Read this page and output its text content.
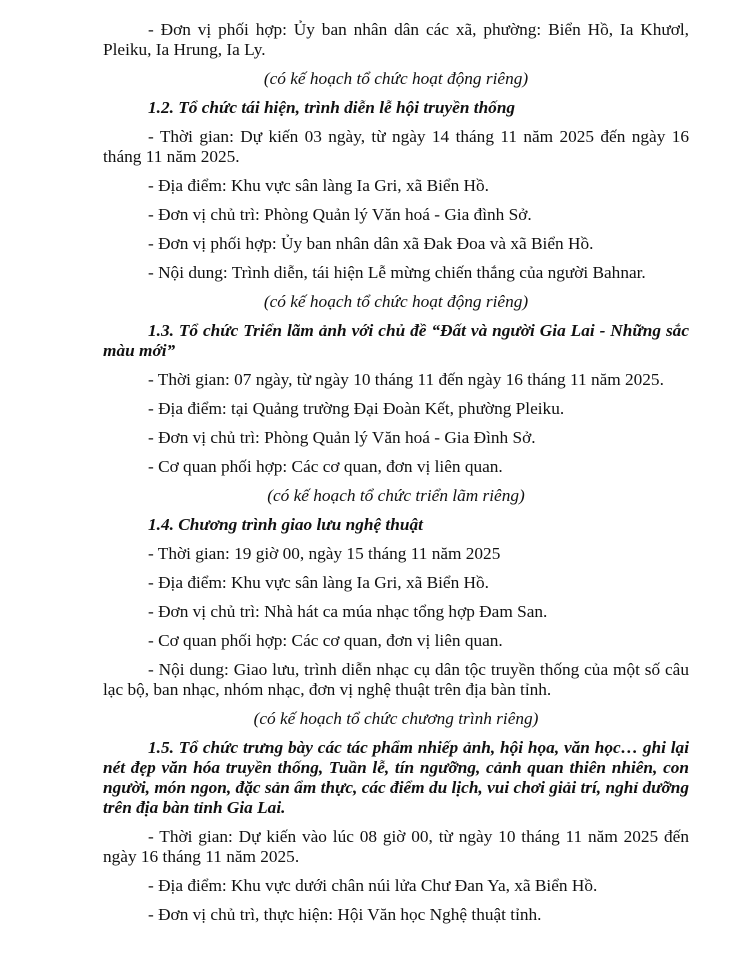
- Đơn vị phối hợp: Ủy ban nhân dân các xã, phường: Biển Hồ, Ia Khươl, Pleiku, Ia Hrung, Ia Ly.

(có kế hoạch tổ chức hoạt động riêng)

1.2. Tổ chức tái hiện, trình diễn lễ hội truyền thống

- Thời gian: Dự kiến 03 ngày, từ ngày 14 tháng 11 năm 2025 đến ngày 16 tháng 11 năm 2025.

- Địa điểm: Khu vực sân làng Ia Gri, xã Biển Hồ.

- Đơn vị chủ trì: Phòng Quản lý Văn hoá - Gia đình Sở.

- Đơn vị phối hợp: Ủy ban nhân dân xã Đak Đoa và xã Biển Hồ.

- Nội dung: Trình diễn, tái hiện Lễ mừng chiến thắng của người Bahnar.

(có kế hoạch tổ chức hoạt động riêng)

1.3. Tổ chức Triển lãm ảnh với chủ đề “Đất và người Gia Lai - Những sắc màu mới”

- Thời gian: 07 ngày, từ ngày 10 tháng 11 đến ngày 16 tháng 11 năm 2025.

- Địa điểm: tại Quảng trường Đại Đoàn Kết, phường Pleiku.

- Đơn vị chủ trì: Phòng Quản lý Văn hoá - Gia Đình Sở.

- Cơ quan phối hợp: Các cơ quan, đơn vị liên quan.

(có kế hoạch tổ chức triển lãm riêng)

1.4. Chương trình giao lưu nghệ thuật

- Thời gian: 19 giờ 00, ngày 15 tháng 11 năm 2025

- Địa điểm: Khu vực sân làng Ia Gri, xã Biển Hồ.

- Đơn vị chủ trì: Nhà hát ca múa nhạc tổng hợp Đam San.

- Cơ quan phối hợp: Các cơ quan, đơn vị liên quan.

- Nội dung: Giao lưu, trình diễn nhạc cụ dân tộc truyền thống của một số câu lạc bộ, ban nhạc, nhóm nhạc, đơn vị nghệ thuật trên địa bàn tỉnh.

(có kế hoạch tổ chức chương trình riêng)

1.5. Tổ chức trưng bày các tác phẩm nhiếp ảnh, hội họa, văn học… ghi lại nét đẹp văn hóa truyền thống, Tuần lễ, tín ngưỡng, cảnh quan thiên nhiên, con người, món ngon, đặc sản ẩm thực, các điểm du lịch, vui chơi giải trí, nghỉ dưỡng trên địa bàn tỉnh Gia Lai.

- Thời gian: Dự kiến vào lúc 08 giờ 00, từ ngày 10 tháng 11 năm 2025 đến ngày 16 tháng 11 năm 2025.

- Địa điểm: Khu vực dưới chân núi lửa Chư Đan Ya, xã Biển Hồ.

- Đơn vị chủ trì, thực hiện: Hội Văn học Nghệ thuật tỉnh.
